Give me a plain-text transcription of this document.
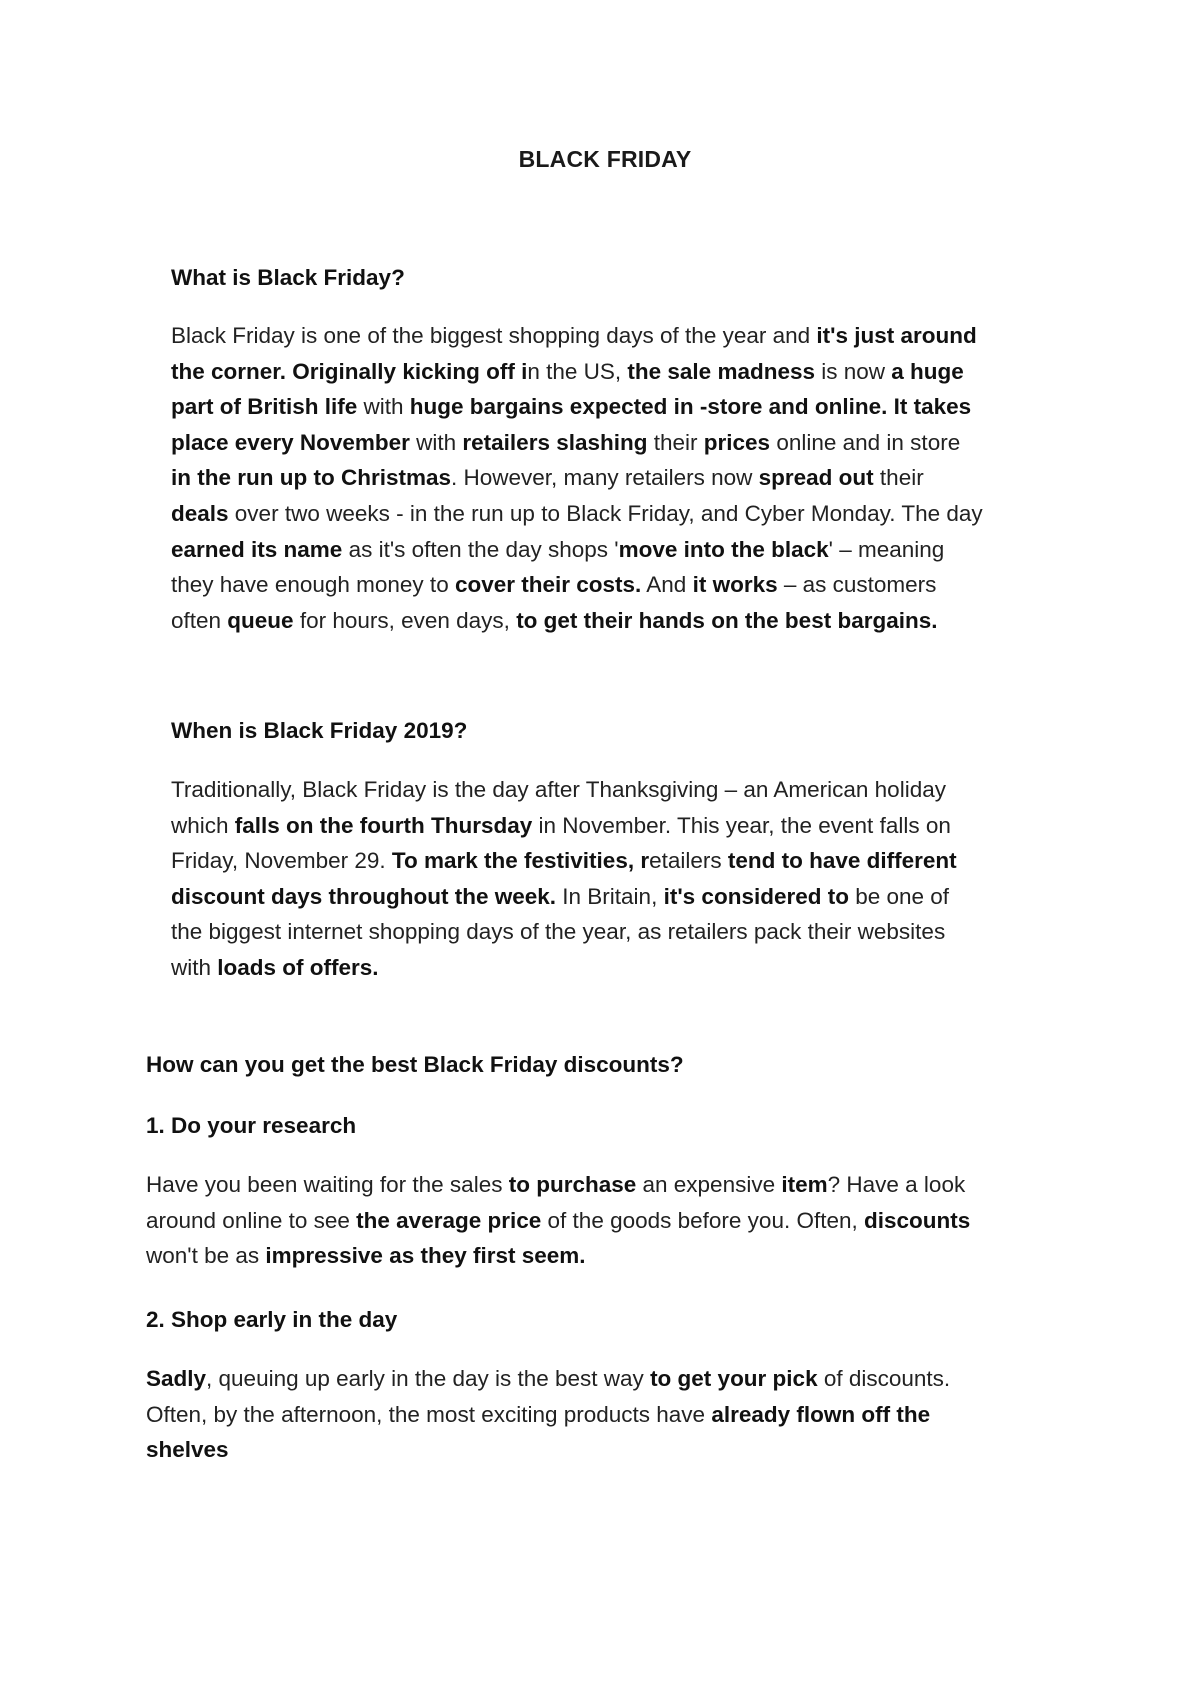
BLACK FRIDAY
What is Black Friday?
Black Friday is one of the biggest shopping days of the year and it's just around
the corner. Originally kicking off in the US, the sale madness is now a huge
part of British life with huge bargains expected in -store and online. It takes
place every November with retailers slashing their prices online and in store
in the run up to Christmas. However, many retailers now spread out their
deals over two weeks - in the run up to Black Friday, and Cyber Monday. The day
earned its name as it's often the day shops 'move into the black' – meaning
they have enough money to cover their costs. And it works – as customers
often queue for hours, even days, to get their hands on the best bargains.
When is Black Friday 2019?
Traditionally, Black Friday is the day after Thanksgiving – an American holiday
which falls on the fourth Thursday in November. This year, the event falls on
Friday, November 29. To mark the festivities, retailers tend to have different
discount days throughout the week. In Britain, it's considered to be one of
the biggest internet shopping days of the year, as retailers pack their websites
with loads of offers.
How can you get the best Black Friday discounts?
1. Do your research
Have you been waiting for the sales to purchase an expensive item? Have a look
around online to see the average price of the goods before you. Often, discounts
won't be as impressive as they first seem.
2. Shop early in the day
Sadly, queuing up early in the day is the best way to get your pick of discounts.
Often, by the afternoon, the most exciting products have already flown off the
shelves
